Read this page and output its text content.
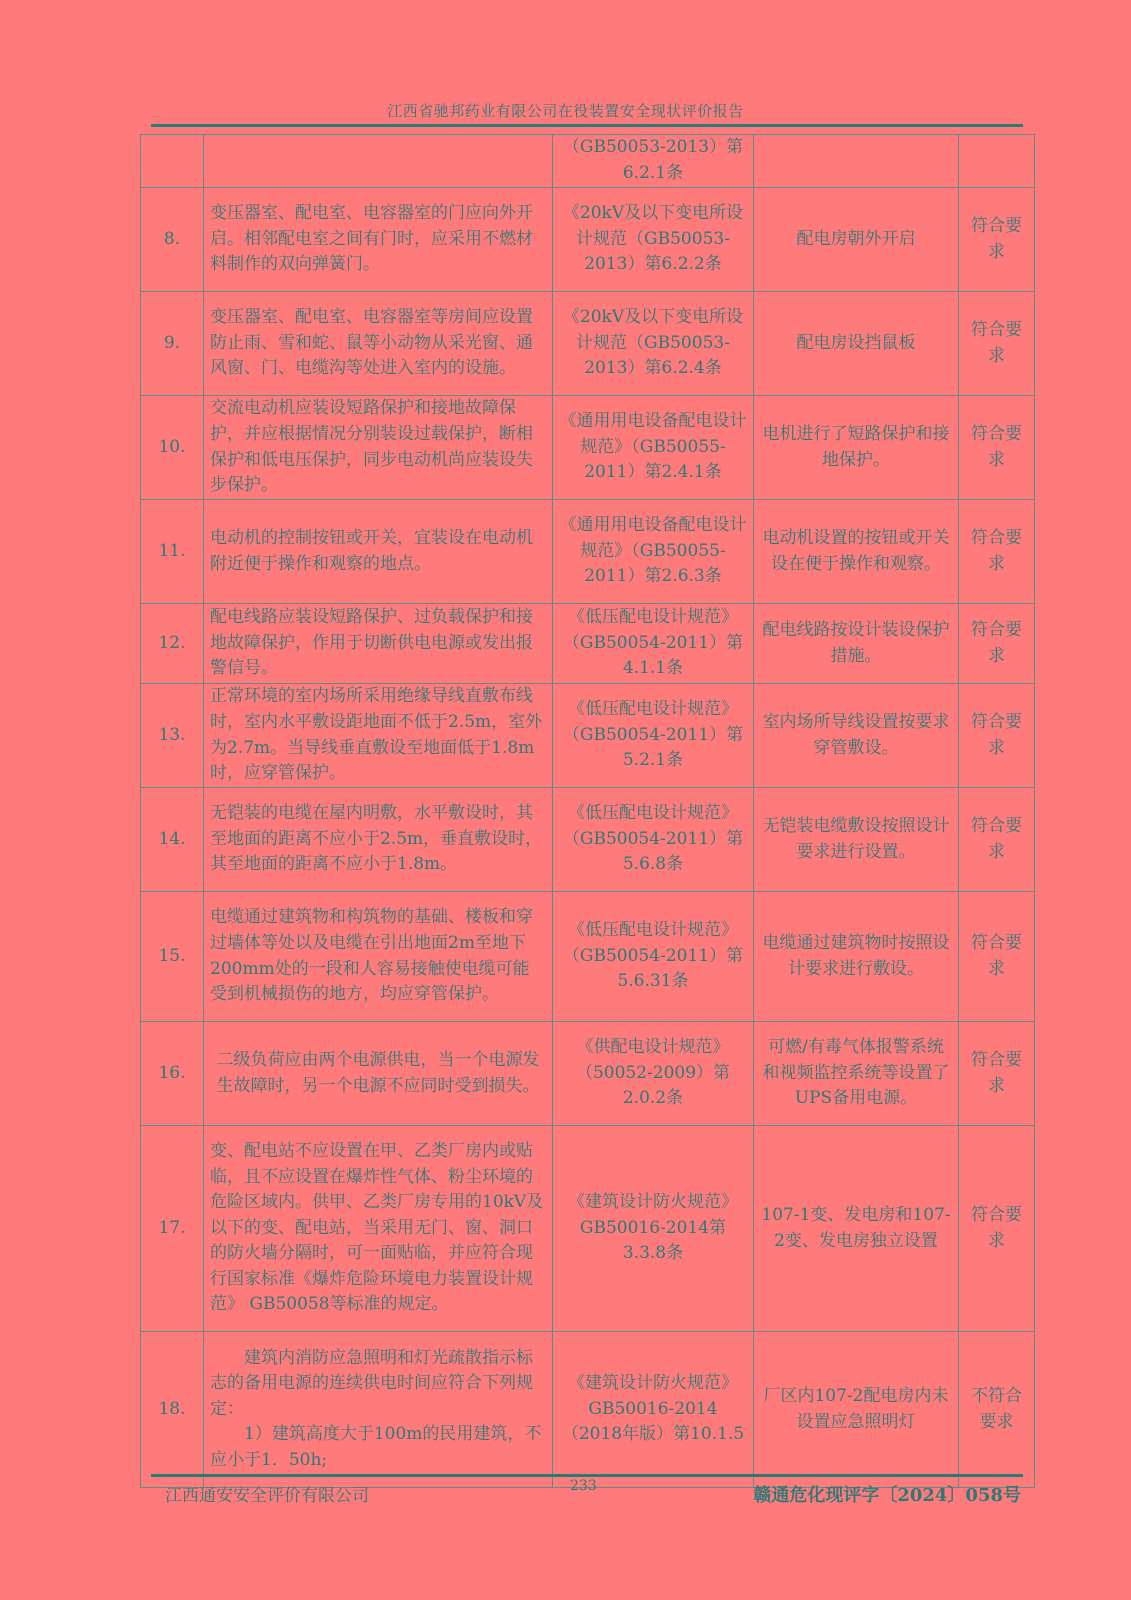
江西省驰邦药业有限公司在役装置安全现状评价报告
		（GB50053-2013）第6.2.1条		
8.	变压器室、配电室、电容器室的门应向外开启。相邻配电室之间有门时，应采用不燃材料制作的双向弹簧门。	《20kV及以下变电所设计规范（GB50053-2013）第6.2.2条	配电房朝外开启	符合要求
9.	变压器室、配电室、电容器室等房间应设置防止雨、雪和蛇、鼠等小动物从采光窗、通风窗、门、电缆沟等处进入室内的设施。	《20kV及以下变电所设计规范（GB50053-2013）第6.2.4条	配电房设挡鼠板	符合要求
10.	交流电动机应装设短路保护和接地故障保护，并应根据情况分别装设过载保护，断相保护和低电压保护，同步电动机尚应装设失步保护。	《通用用电设备配电设计规范》（GB50055-2011）第2.4.1条	电机进行了短路保护和接地保护。	符合要求
11.	电动机的控制按钮或开关，宜装设在电动机附近便于操作和观察的地点。	《通用用电设备配电设计规范》（GB50055-2011）第2.6.3条	电动机设置的按钮或开关设在便于操作和观察。	符合要求
12.	配电线路应装设短路保护、过负载保护和接地故障保护，作用于切断供电电源或发出报警信号。	《低压配电设计规范》（GB50054-2011）第4.1.1条	配电线路按设计装设保护措施。	符合要求
13.	正常环境的室内场所采用绝缘导线直敷布线时，室内水平敷设距地面不低于2.5m，室外为2.7m。当导线垂直敷设至地面低于1.8m时，应穿管保护。	《低压配电设计规范》（GB50054-2011）第5.2.1条	室内场所导线设置按要求穿管敷设。	符合要求
14.	无铠装的电缆在屋内明敷，水平敷设时，其至地面的距离不应小于2.5m，垂直敷设时，其至地面的距离不应小于1.8m。	《低压配电设计规范》（GB50054-2011）第5.6.8条	无铠装电缆敷设按照设计要求进行设置。	符合要求
15.	电缆通过建筑物和构筑物的基础、楼板和穿过墙体等处以及电缆在引出地面2m至地下200mm处的一段和人容易接触使电缆可能受到机械损伤的地方，均应穿管保护。	《低压配电设计规范》（GB50054-2011）第5.6.31条	电缆通过建筑物时按照设计要求进行敷设。	符合要求
16.	二级负荷应由两个电源供电，当一个电源发生故障时，另一个电源不应同时受到损失。	《供配电设计规范》（50052-2009）第2.0.2条	可燃/有毒气体报警系统和视频监控系统等设置了UPS备用电源。	符合要求
17.	变、配电站不应设置在甲、乙类厂房内或贴临，且不应设置在爆炸性气体、粉尘环境的危险区域内。供甲、乙类厂房专用的10kV及以下的变、配电站，当采用无门、窗、洞口的防火墙分隔时，可一面贴临，并应符合现行国家标准《爆炸危险环境电力装置设计规范》 GB50058等标准的规定。	《建筑设计防火规范》GB50016-2014第3.3.8条	107-1变、发电房和107-2变、发电房独立设置	符合要求
18.	建筑内消防应急照明和灯光疏散指示标志的备用电源的连续供电时间应符合下列规定：
1）建筑高度大于100m的民用建筑，不应小于1．50h;	《建筑设计防火规范》GB50016-2014（2018年版）第10.1.5	厂区内107-2配电房内未设置应急照明灯	不符合要求
江西通安安全评价有限公司	233	赣通危化现评字〔2024〕058号
